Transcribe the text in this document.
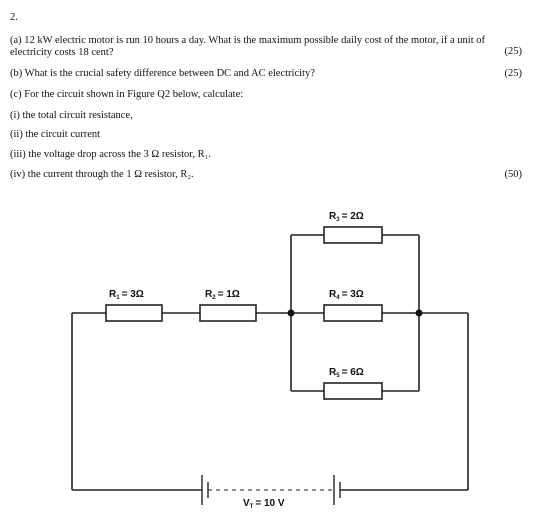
2.
(a) 12 kW electric motor is run 10 hours a day. What is the maximum possible daily cost of the motor, if a unit of
electricity costs 18 cent?	(25)
(b) What is the crucial safety difference between DC and AC electricity?	(25)
(c) For the circuit shown in Figure Q2 below, calculate:
(i) the total circuit resistance,
(ii) the circuit current
(iii) the voltage drop across the 3 Ω resistor, R₁.
(iv) the current through the 1 Ω resistor, R₂.	(50)
$R_1 = 3\Omega$	$R_2 = 1\Omega$
$R_3 = 2\Omega$
$R_4 = 3\Omega$
$R_5 = 6\Omega$
$V_T = 10$ V
